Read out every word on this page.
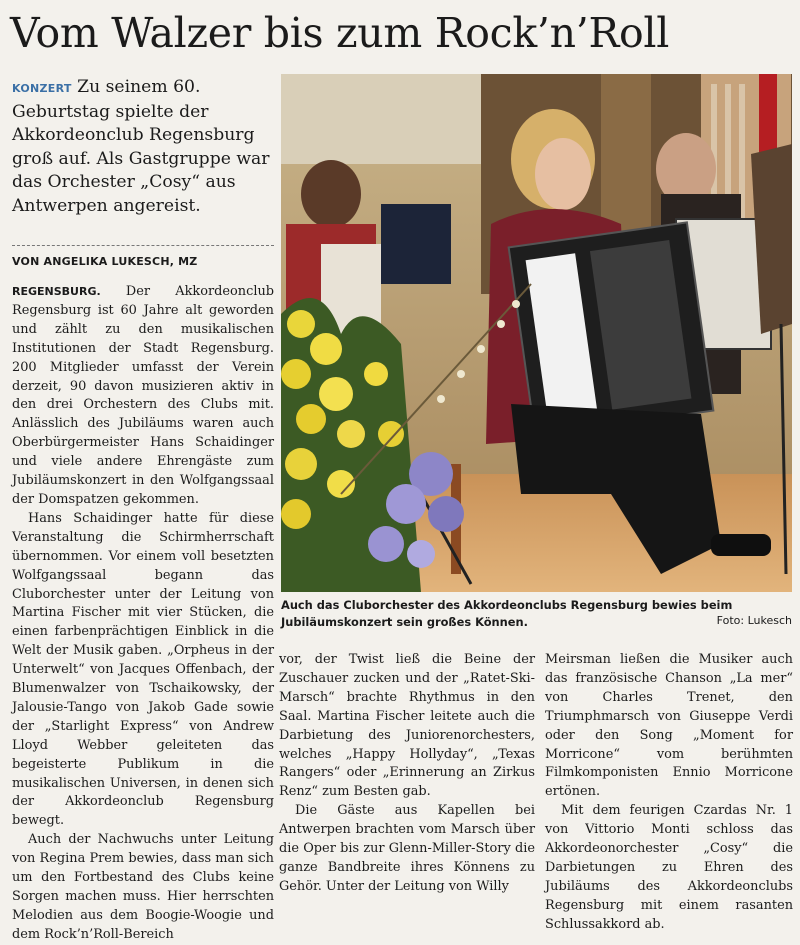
Vom Walzer bis zum Rock’n’Roll
KONZERT Zu seinem 60. Geburtstag spielte der Akkordeonclub Regensburg groß auf. Als Gastgruppe war das Orchester „Cosy“ aus Antwerpen angereist.
VON ANGELIKA LUKESCH, MZ

REGENSBURG. Der Akkordeonclub Regensburg ist 60 Jahre alt geworden und zählt zu den musikalischen Institutionen der Stadt Regensburg. 200 Mitglieder umfasst der Verein derzeit, 90 davon musizieren aktiv in den drei Orchestern des Clubs mit. Anlässlich des Jubiläums waren auch Oberbürgermeister Hans Schaidinger und viele andere Ehrengäste zum Jubiläumskonzert in den Wolfgangssaal der Domspatzen gekommen.

Hans Schaidinger hatte für diese Veranstaltung die Schirmherrschaft übernommen. Vor einem voll besetzten Wolfgangssaal begann das Cluborchester unter der Leitung von Martina Fischer mit vier Stücken, die einen farbenprächtigen Einblick in die Welt der Musik gaben. „Orpheus in der Unterwelt“ von Jacques Offenbach, der Blumenwalzer von Tschaikowsky, der Jalousie-Tango von Jakob Gade sowie der „Starlight Express“ von Andrew Lloyd Webber geleiteten das begeisterte Publikum in die musikalischen Universen, in denen sich der Akkordeonclub Regensburg bewegt.

Auch der Nachwuchs unter Leitung von Regina Prem bewies, dass man sich um den Fortbestand des Clubs keine Sorgen machen muss. Hier herrschten Melodien aus dem Boogie-Woogie und dem Rock’n’Roll-Bereich

Auch das Cluborchester des Akkordeonclubs Regensburg bewies beim Jubiläumskonzert sein großes Können.	Foto: Lukesch

vor, der Twist ließ die Beine der Zuschauer zucken und der „Ratet-Ski-Marsch“ brachte Rhythmus in den Saal. Martina Fischer leitete auch die Darbietung des Juniorenorchesters, welches „Happy Hollyday“, „Texas Rangers“ oder „Erinnerung an Zirkus Renz“ zum Besten gab.

Die Gäste aus Kapellen bei Antwerpen brachten vom Marsch über die Oper bis zur Glenn-Miller-Story die ganze Bandbreite ihres Könnens zu Gehör. Unter der Leitung von Willy

Meirsman ließen die Musiker auch das französische Chanson „La mer“ von Charles Trenet, den Triumphmarsch von Giuseppe Verdi oder den Song „Moment for Morricone“ vom berühmten Filmkomponisten Ennio Morricone ertönen.

Mit dem feurigen Czardas Nr. 1 von Vittorio Monti schloss das Akkordeonorchester „Cosy“ die Darbietungen zu Ehren des Jubiläums des Akkordeonclubs Regensburg mit einem rasanten Schlussakkord ab.
